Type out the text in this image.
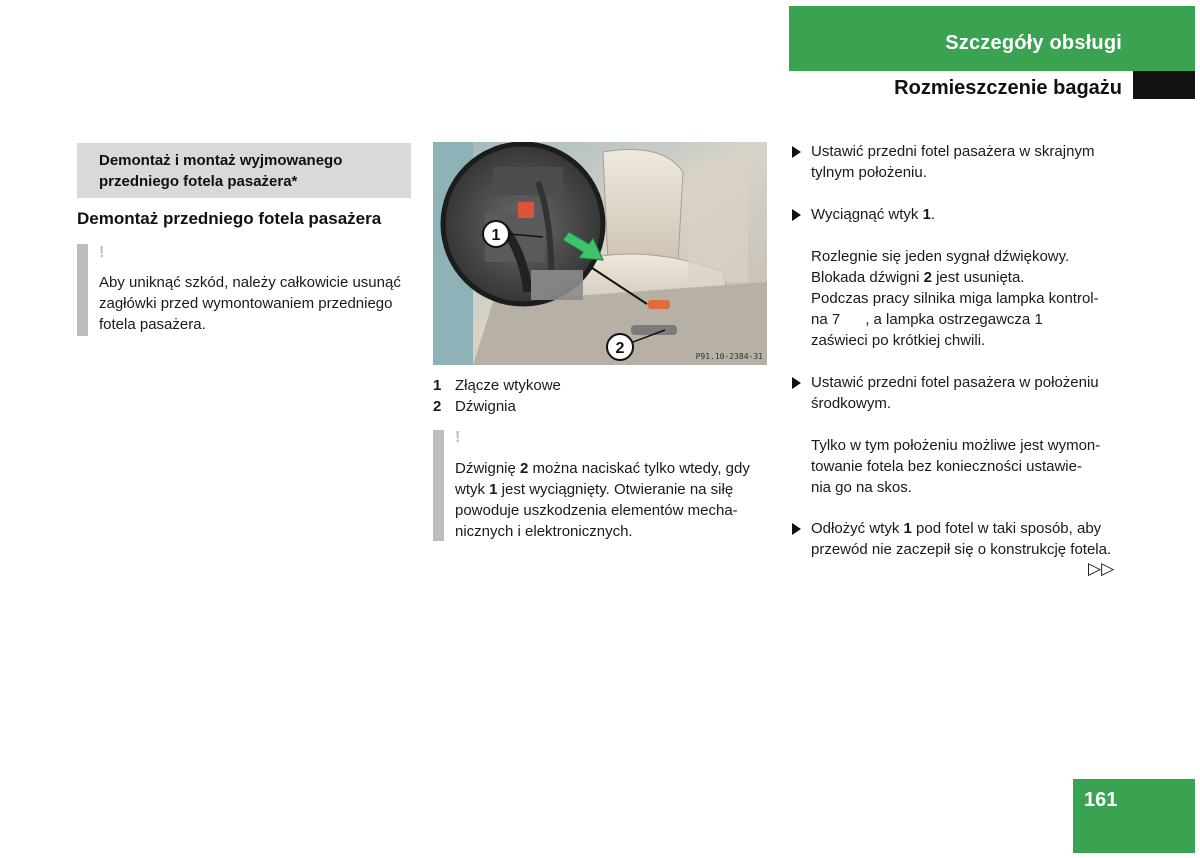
Szczegóły obsługi
Rozmieszczenie bagażu
Demontaż i montaż wyjmowanego
przedniego fotela pasażera*
Demontaż przedniego fotela pasażera
!
Aby uniknąć szkód, należy całkowicie usunąć
zagłówki przed wymontowaniem przedniego
fotela pasażera.
1
2	P91.10-2384-31
1 Złącze wtykowe
2 Dźwignia
!
Dźwignię 2 można naciskać tylko wtedy, gdy
wtyk 1 jest wyciągnięty. Otwieranie na siłę
powoduje uszkodzenia elementów mecha-
nicznych i elektronicznych.
Ustawić przedni fotel pasażera w skrajnym
tylnym położeniu.
Wyciągnąć wtyk 1.
Rozlegnie się jeden sygnał dźwiękowy.
Blokada dźwigni 2 jest usunięta.
Podczas pracy silnika miga lampka kontrol-
na 7      , a lampka ostrzegawcza 1
zaświeci po krótkiej chwili.
Ustawić przedni fotel pasażera w położeniu
środkowym.
Tylko w tym położeniu możliwe jest wymon-
towanie fotela bez konieczności ustawie-
nia go na skos.
Odłożyć wtyk 1 pod fotel w taki sposób, aby
przewód nie zaczepił się o konstrukcję fotela.
▷▷
161
